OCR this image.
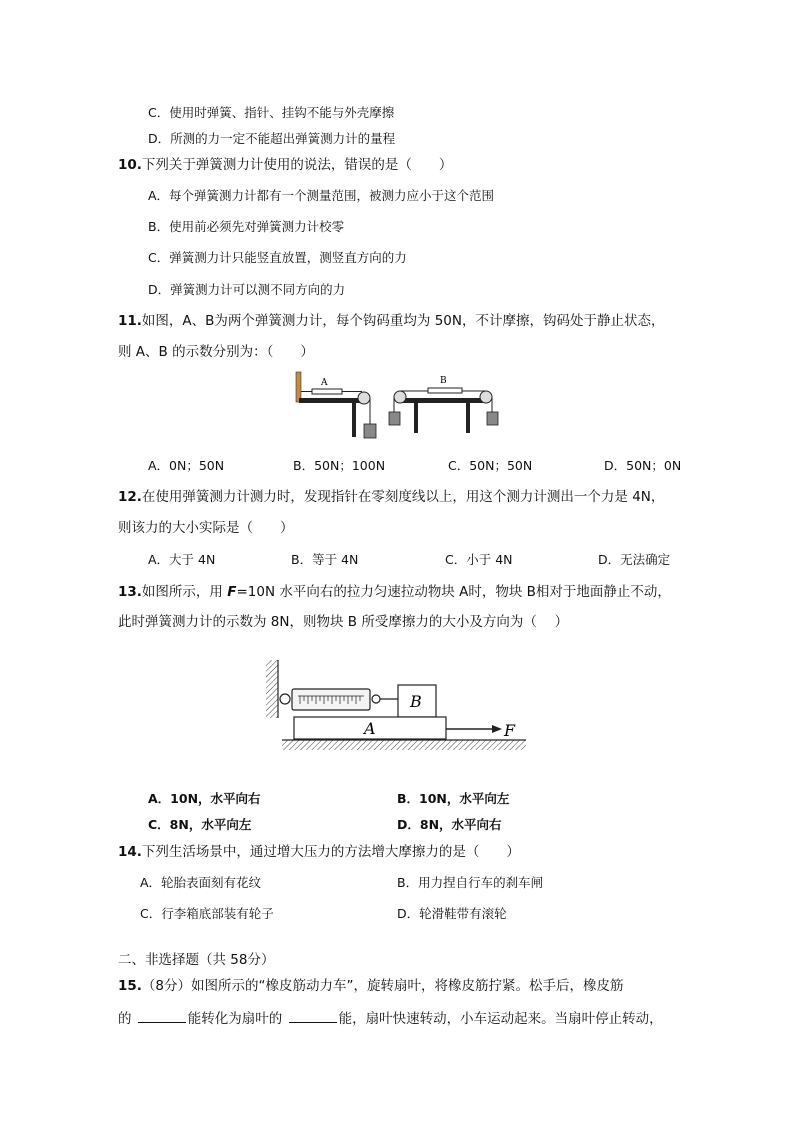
C．使用时弹簧、指针、挂钩不能与外壳摩擦
D．所测的力一定不能超出弹簧测力计的量程
10.下列关于弹簧测力计使用的说法，错误的是（　　）
A．每个弹簧测力计都有一个测量范围，被测力应小于这个范围
B．使用前必须先对弹簧测力计校零
C．弹簧测力计只能竖直放置，测竖直方向的力
D．弹簧测力计可以测不同方向的力
11.如图，A、B为两个弹簧测力计，每个钩码重均为 50N，不计摩擦，钩码处于静止状态，
则 A、B 的示数分别为：（　　）
A	B
A．0N；50N	B．50N；100N	C．50N；50N	D．50N；0N
12.在使用弹簧测力计测力时，发现指针在零刻度线以上，用这个测力计测出一个力是 4N，
则该力的大小实际是（　　）
A．大于 4N	B．等于 4N	C．小于 4N	D．无法确定
13.如图所示，用 F=10N 水平向右的拉力匀速拉动物块 A时，物块 B相对于地面静止不动，
此时弹簧测力计的示数为 8N，则物块 B 所受摩擦力的大小及方向为（　 ）
B
A	F
A．10N，水平向右	B．10N，水平向左
C．8N，水平向左	D．8N，水平向右
14.下列生活场景中，通过增大压力的方法增大摩擦力的是（　　）
A．轮胎表面刻有花纹	B．用力捏自行车的刹车闸
C．行李箱底部装有轮子	D．轮滑鞋带有滚轮
二、非选择题（共 58分）
15.（8分）如图所示的“橡皮筋动力车”，旋转扇叶，将橡皮筋拧紧。松手后，橡皮筋
的	能转化为扇叶的	能，扇叶快速转动，小车运动起来。当扇叶停止转动，
